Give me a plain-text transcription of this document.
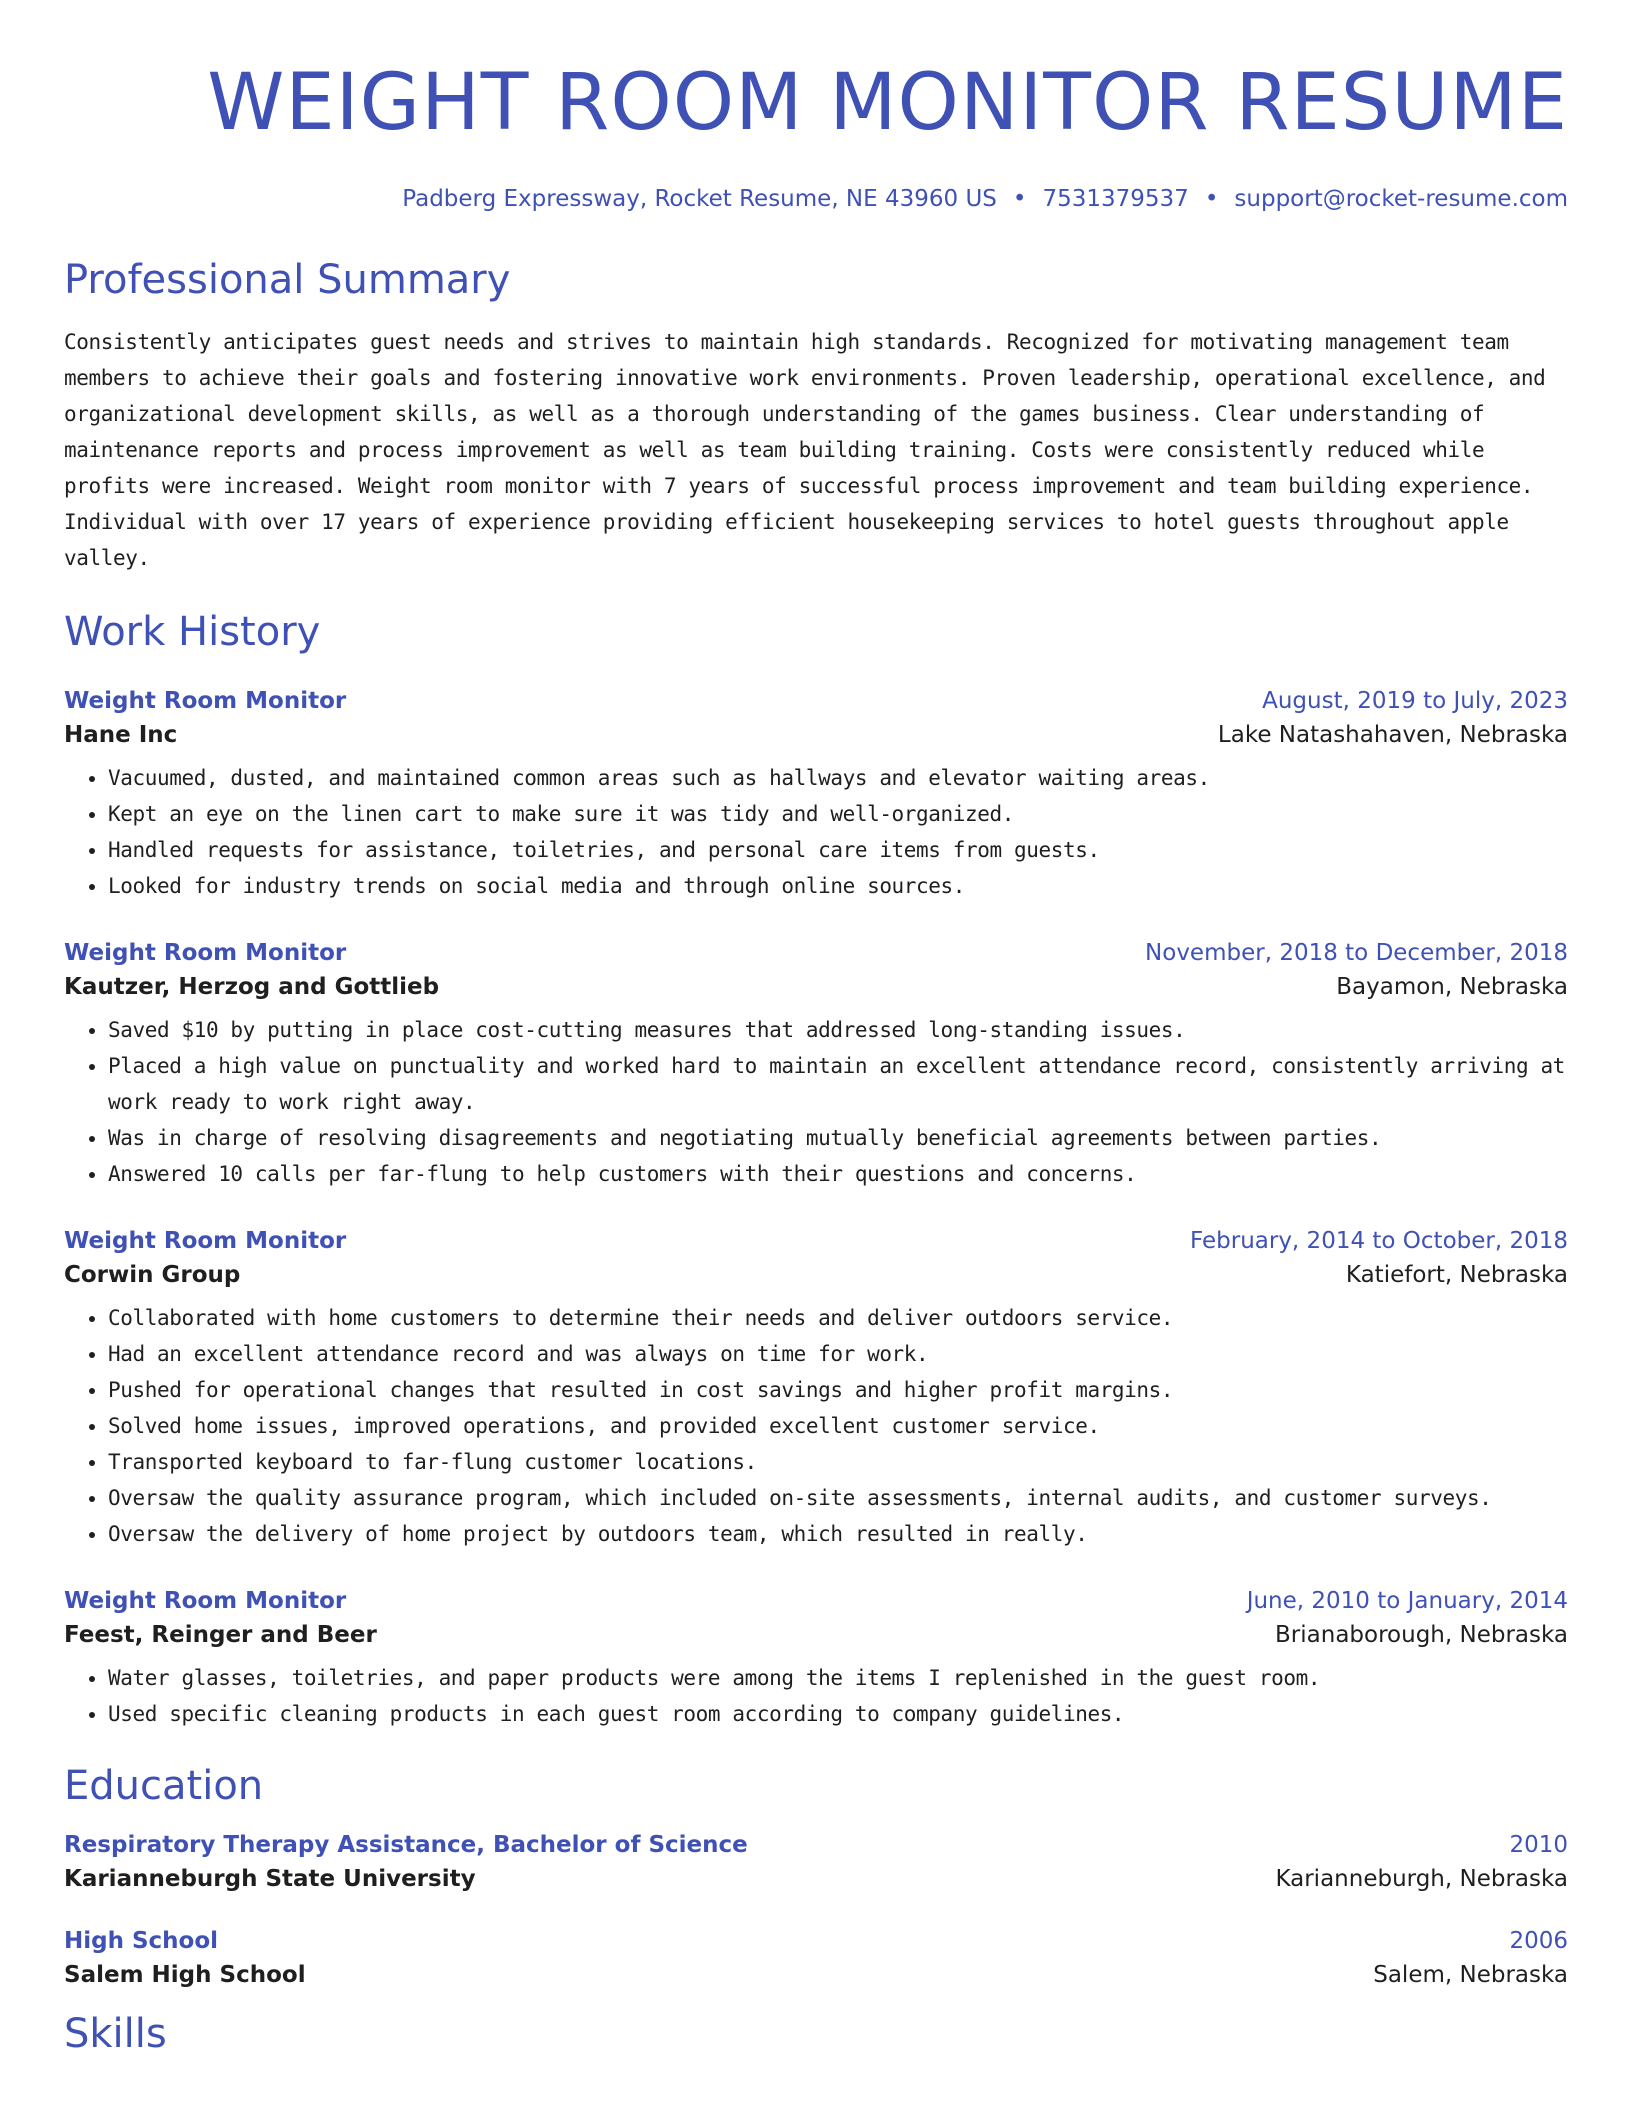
WEIGHT ROOM MONITOR RESUME
Padberg Expressway, Rocket Resume, NE 43960 US • 7531379537 • support@rocket-resume.com
Professional Summary
Consistently anticipates guest needs and strives to maintain high standards. Recognized for motivating management team members to achieve their goals and fostering innovative work environments. Proven leadership, operational excellence, and organizational development skills, as well as a thorough understanding of the games business. Clear understanding of maintenance reports and process improvement as well as team building training. Costs were consistently reduced while profits were increased. Weight room monitor with 7 years of successful process improvement and team building experience. Individual with over 17 years of experience providing efficient housekeeping services to hotel guests throughout apple valley.
Work History
Weight Room Monitor	August, 2019 to July, 2023
Hane Inc	Lake Natashahaven, Nebraska
• Vacuumed, dusted, and maintained common areas such as hallways and elevator waiting areas.
• Kept an eye on the linen cart to make sure it was tidy and well-organized.
• Handled requests for assistance, toiletries, and personal care items from guests.
• Looked for industry trends on social media and through online sources.
Weight Room Monitor	November, 2018 to December, 2018
Kautzer, Herzog and Gottlieb	Bayamon, Nebraska
• Saved $10 by putting in place cost-cutting measures that addressed long-standing issues.
• Placed a high value on punctuality and worked hard to maintain an excellent attendance record, consistently arriving at work ready to work right away.
• Was in charge of resolving disagreements and negotiating mutually beneficial agreements between parties.
• Answered 10 calls per far-flung to help customers with their questions and concerns.
Weight Room Monitor	February, 2014 to October, 2018
Corwin Group	Katiefort, Nebraska
• Collaborated with home customers to determine their needs and deliver outdoors service.
• Had an excellent attendance record and was always on time for work.
• Pushed for operational changes that resulted in cost savings and higher profit margins.
• Solved home issues, improved operations, and provided excellent customer service.
• Transported keyboard to far-flung customer locations.
• Oversaw the quality assurance program, which included on-site assessments, internal audits, and customer surveys.
• Oversaw the delivery of home project by outdoors team, which resulted in really.
Weight Room Monitor	June, 2010 to January, 2014
Feest, Reinger and Beer	Brianaborough, Nebraska
• Water glasses, toiletries, and paper products were among the items I replenished in the guest room.
• Used specific cleaning products in each guest room according to company guidelines.
Education
Respiratory Therapy Assistance, Bachelor of Science	2010
Karianneburgh State University	Karianneburgh, Nebraska
High School	2006
Salem High School	Salem, Nebraska
Skills
